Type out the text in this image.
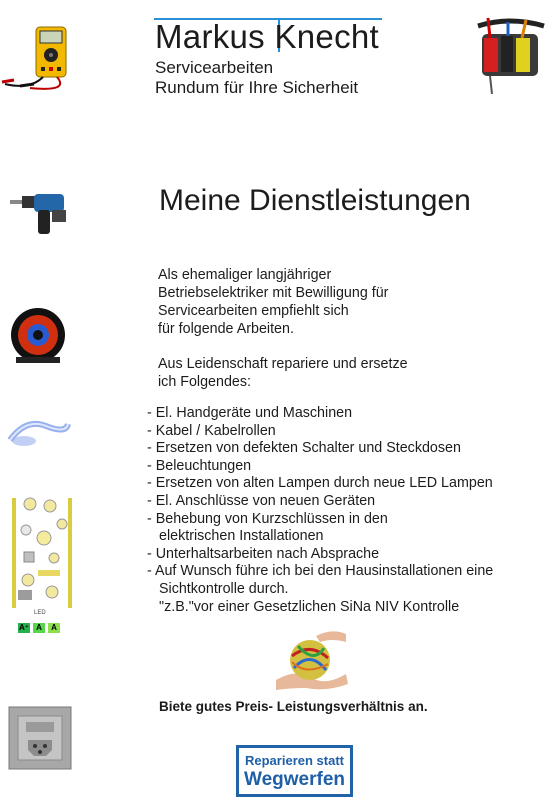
Markus Knecht
Servicearbeiten
Rundum für Ihre Sicherheit
Meine Dienstleistungen
Als ehemaliger langjähriger
Betriebselektriker mit Bewilligung für
Servicearbeiten empfiehlt sich
für folgende Arbeiten.
Aus Leidenschaft repariere und ersetze
ich Folgendes:
- El. Handgeräte und Maschinen
- Kabel / Kabelrollen
- Ersetzen von defekten Schalter und Steckdosen
- Beleuchtungen
- Ersetzen von alten Lampen durch neue LED Lampen
- El. Anschlüsse von neuen Geräten
- Behebung von Kurzschlüssen in den
elektrischen Installationen
- Unterhaltsarbeiten nach Absprache
- Auf Wunsch führe ich bei den Hausinstallationen eine
Sichtkontrolle durch.
"z.B."vor einer Gesetzlichen SiNa NIV Kontrolle
LED
A⁺ A	A
Biete gutes Preis- Leistungsverhältnis an.
Reparieren statt
Wegwerfen
